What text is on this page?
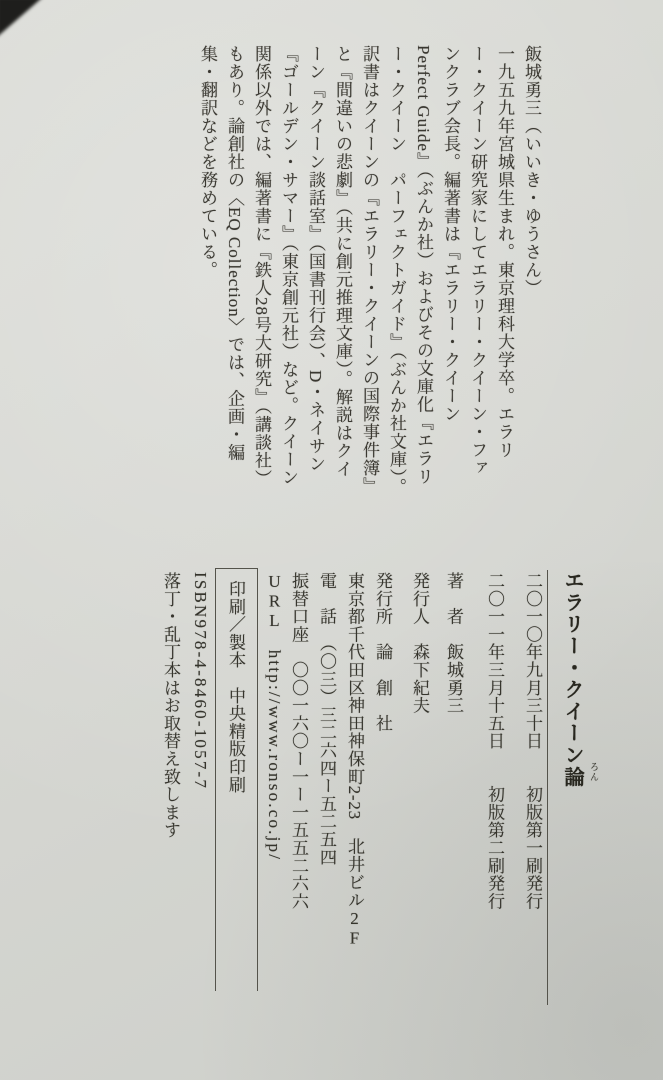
飯城勇三（いいき・ゆうさん）
一九五九年宮城県生まれ。東京理科大学卒。エラリ
ー・クイーン研究家にしてエラリー・クイーン・ファ
ンクラブ会長。編著書は『エラリー・クイーン
Perfect Guide』（ぶんか社）およびその文庫化『エラリ
ー・クイーン　パーフェクトガイド』（ぶんか社文庫）。
訳書はクイーンの『エラリー・クイーンの国際事件簿』
と『間違いの悲劇』（共に創元推理文庫）。解説はクイ
ーン『クイーン談話室』（国書刊行会）、D・ネイサン
『ゴールデン・サマー』（東京創元社）など。クイーン
関係以外では、編著書に『鉄人28号大研究』（講談社）
もあり。論創社の〈EQ Collection〉では、企画・編
集・翻訳などを務めている。
エラリー・クイーン論 ろん
二〇一〇年九月三十日　　初版第一刷発行
二〇一一年三月十五日　　初版第二刷発行
著　者　飯城勇三
発行人　森下紀夫
発行所　論　創　社
東京都千代田区神田神保町2-23　北井ビル2F
電　話　（〇三）三二六四ー五二五四
振替口座　〇〇一六〇ー一ー一五五二六六
URL　http://www.ronso.co.jp/
印刷／製本　中央精版印刷
ISBN978-4-8460-1057-7
落丁・乱丁本はお取替え致します
